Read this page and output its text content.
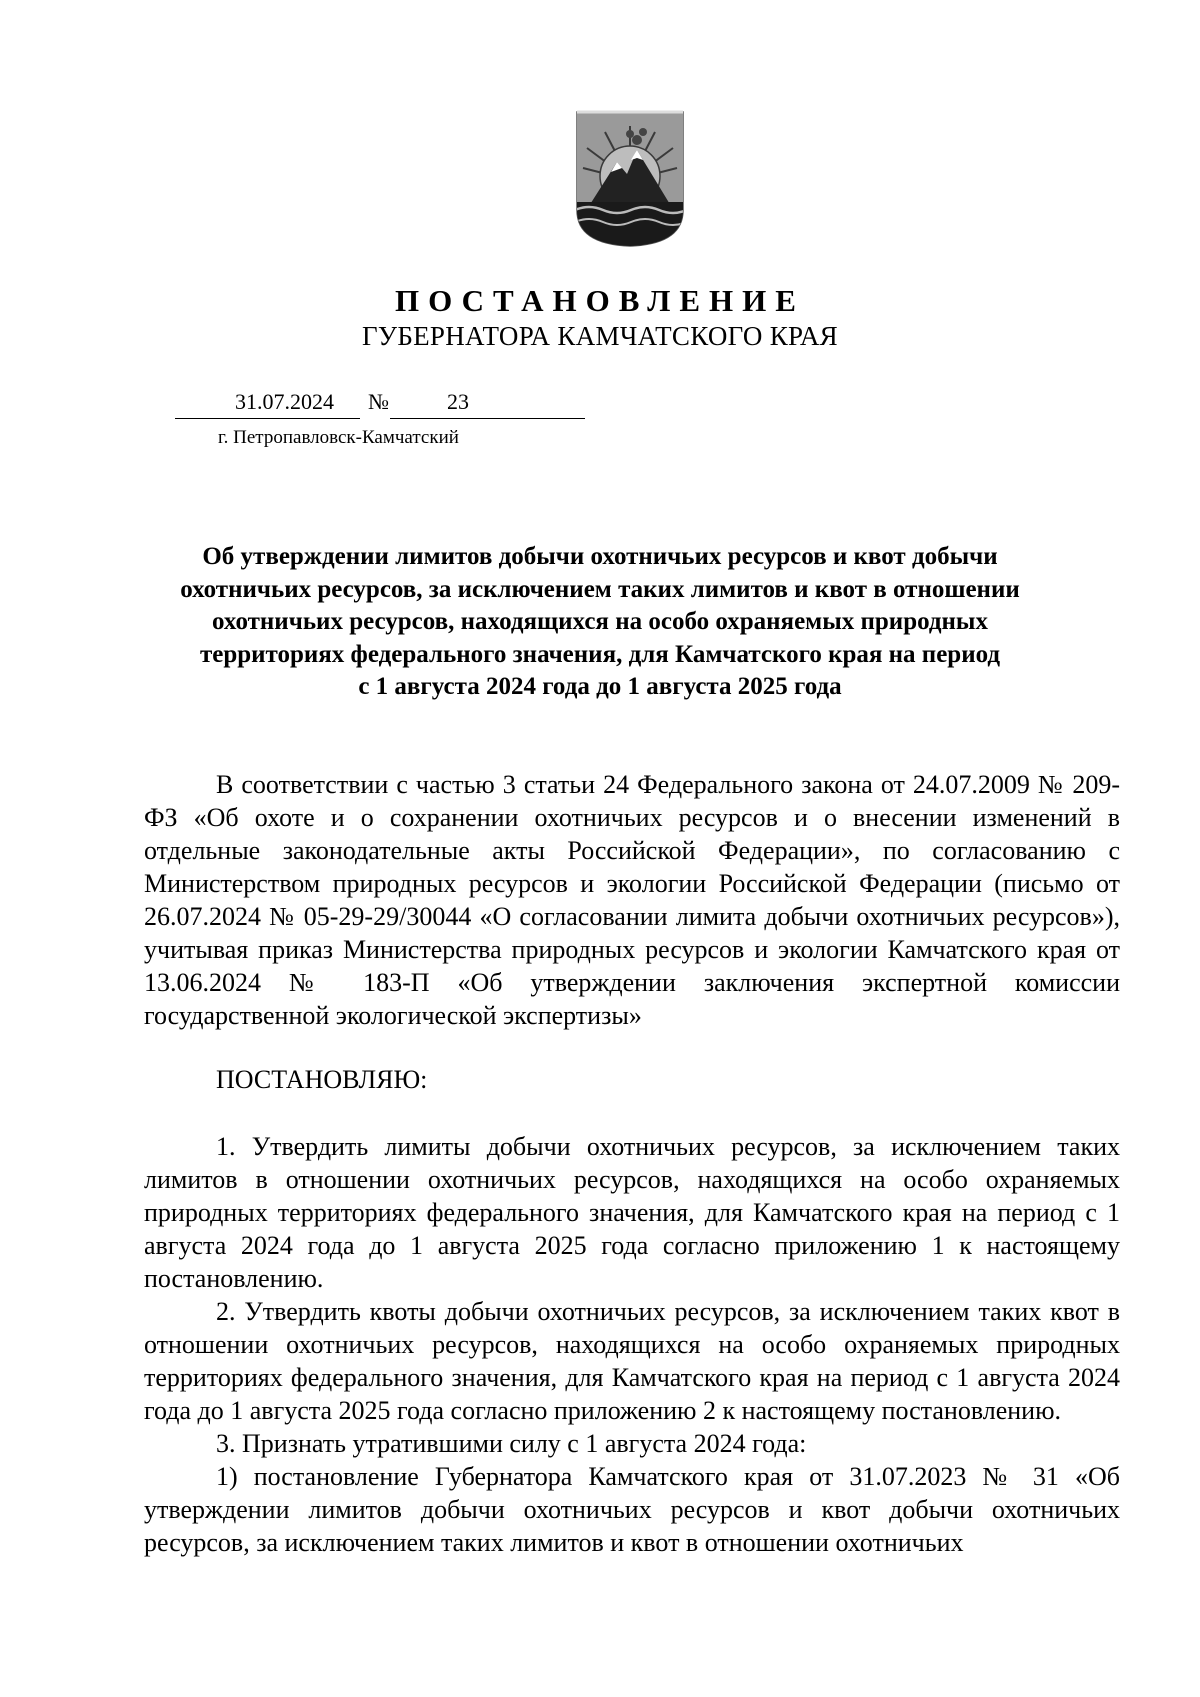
ПОСТАНОВЛЕНИЕ
ГУБЕРНАТОРА КАМЧАТСКОГО КРАЯ
31.07.2024 №	23
г. Петропавловск-Камчатский
Об утверждении лимитов добычи охотничьих ресурсов и квот добычи
охотничьих ресурсов, за исключением таких лимитов и квот в отношении
охотничьих ресурсов, находящихся на особо охраняемых природных
территориях федерального значения, для Камчатского края на период
с 1 августа 2024 года до 1 августа 2025 года

В соответствии с частью 3 статьи 24 Федерального закона от 24.07.2009 № 209-ФЗ «Об охоте и о сохранении охотничьих ресурсов и о внесении изменений в отдельные законодательные акты Российской Федерации», по согласованию с Министерством природных ресурсов и экологии Российской Федерации (письмо от 26.07.2024 № 05-29-29/30044 «О согласовании лимита добычи охотничьих ресурсов»), учитывая приказ Министерства природных ресурсов и экологии Камчатского края от 13.06.2024 № 183-П «Об утверждении заключения экспертной комиссии государственной экологической экспертизы»

ПОСТАНОВЛЯЮ:

1. Утвердить лимиты добычи охотничьих ресурсов, за исключением таких лимитов в отношении охотничьих ресурсов, находящихся на особо охраняемых природных территориях федерального значения, для Камчатского края на период с 1 августа 2024 года до 1 августа 2025 года согласно приложению 1 к настоящему постановлению.

2. Утвердить квоты добычи охотничьих ресурсов, за исключением таких квот в отношении охотничьих ресурсов, находящихся на особо охраняемых природных территориях федерального значения, для Камчатского края на период с 1 августа 2024 года до 1 августа 2025 года согласно приложению 2 к настоящему постановлению.

3. Признать утратившими силу с 1 августа 2024 года:

1) постановление Губернатора Камчатского края от 31.07.2023 № 31 «Об утверждении лимитов добычи охотничьих ресурсов и квот добычи охотничьих ресурсов, за исключением таких лимитов и квот в отношении охотничьих
